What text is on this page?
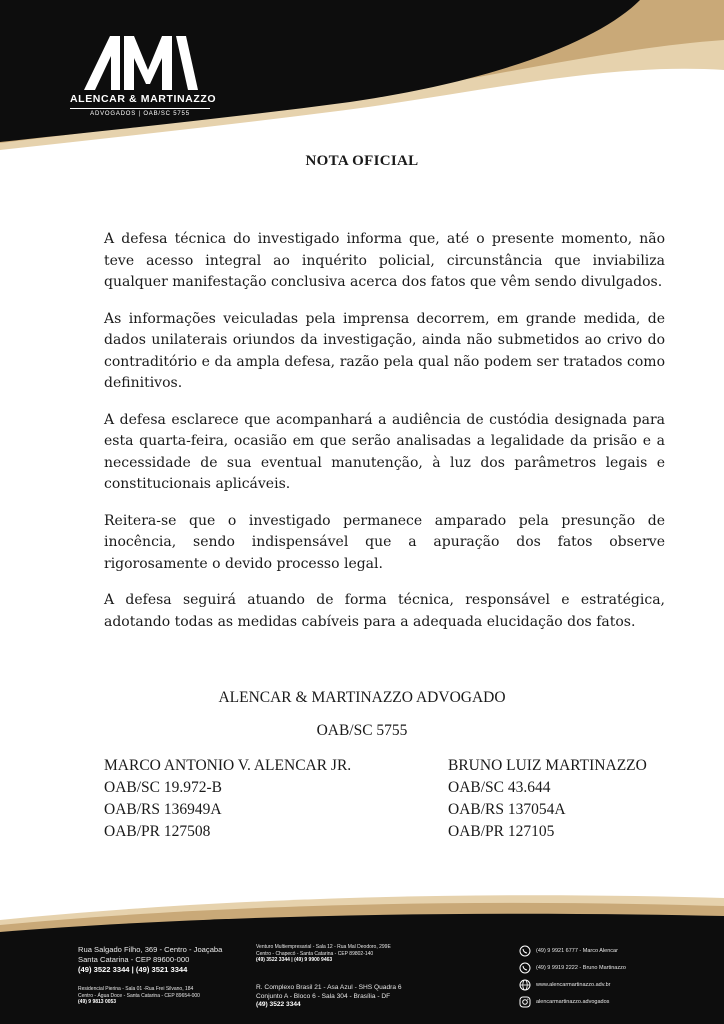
ALENCAR & MARTINAZZO
ADVOGADOS | OAB/SC 5755
NOTA OFICIAL

A defesa técnica do investigado informa que, até o presente momento, não teve acesso integral ao inquérito policial, circunstância que inviabiliza qualquer manifestação conclusiva acerca dos fatos que vêm sendo divulgados.

As informações veiculadas pela imprensa decorrem, em grande medida, de dados unilaterais oriundos da investigação, ainda não submetidos ao crivo do contraditório e da ampla defesa, razão pela qual não podem ser tratados como definitivos.

A defesa esclarece que acompanhará a audiência de custódia designada para esta quarta-feira, ocasião em que serão analisadas a legalidade da prisão e a necessidade de sua eventual manutenção, à luz dos parâmetros legais e constitucionais aplicáveis.

Reitera-se que o investigado permanece amparado pela presunção de inocência, sendo indispensável que a apuração dos fatos observe rigorosamente o devido processo legal.

A defesa seguirá atuando de forma técnica, responsável e estratégica, adotando todas as medidas cabíveis para a adequada elucidação dos fatos.

ALENCAR & MARTINAZZO ADVOGADO
OAB/SC 5755
MARCO ANTONIO V. ALENCAR JR.
OAB/SC 19.972-B
OAB/RS 136949A
OAB/PR 127508
BRUNO LUIZ MARTINAZZO
OAB/SC 43.644
OAB/RS 137054A
OAB/PR 127105
Rua Salgado Filho, 369 - Centro - Joaçaba
Santa Catarina - CEP 89600-000
(49) 3522 3344 | (49) 3521 3344
Venturo Multiempresarial - Sala 12 - Rua Mal Deodoro, 299E
Centro - Chapecó - Santa Catarina - CEP 89802-140
(49) 3522 3344 | (49) 9 9900 9463
Residencial Pierina - Sala 01 -Rua Frei Silvano, 184
Centro - Água Doce - Santa Catarina - CEP 89654-000
(49) 9 9813 0053
R. Complexo Brasil 21 - Asa Azul - SHS Quadra 6
Conjunto A - Bloco 6 - Sala 304 - Brasília - DF
(49) 3522 3344
(49) 9 9921 6777 - Marco Alencar
(49) 9 9919 2222 - Bruno Martinazzo
www.alencarmartinazzo.adv.br
alencarmartinazzo.advogados
